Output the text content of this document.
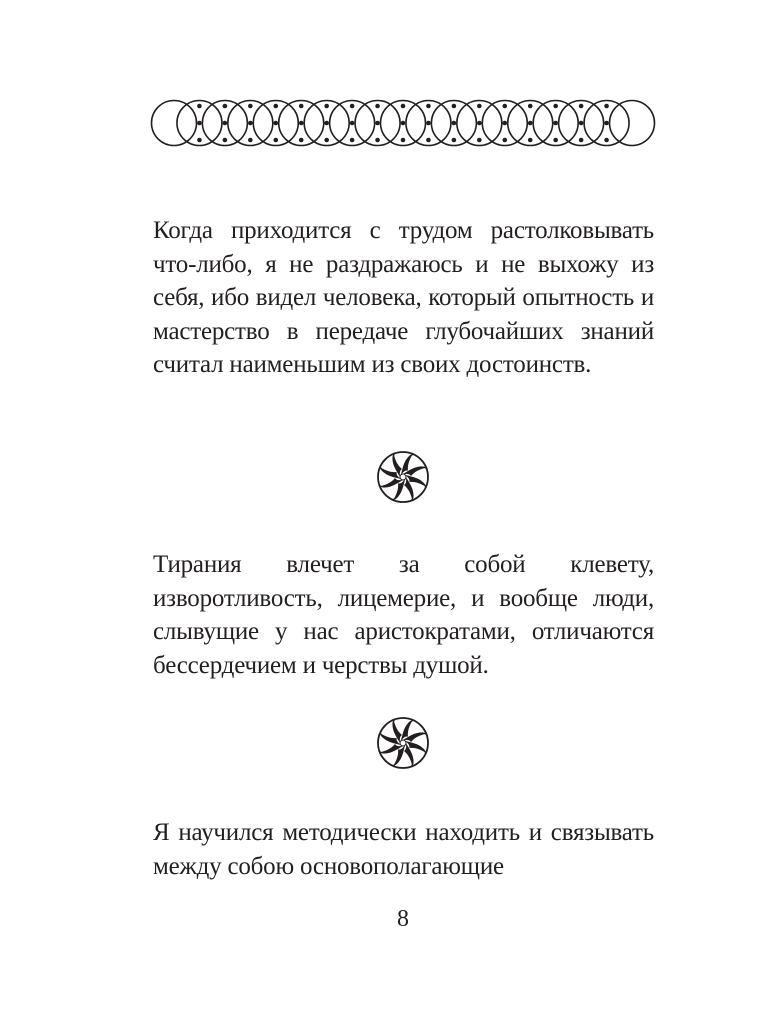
Когда приходится с трудом растолковывать что-либо, я не раздражаюсь и не выхожу из себя, ибо видел человека, который опытность и мастерство в передаче глубочайших знаний считал наименьшим из своих достоинств.

Тирания влечет за собой клевету, изворотливость, лицемерие, и вообще люди, слывущие у нас аристократами, отличаются бессердечием и черствы душой.

Я научился методически находить и связывать между собою основополагающие

8
